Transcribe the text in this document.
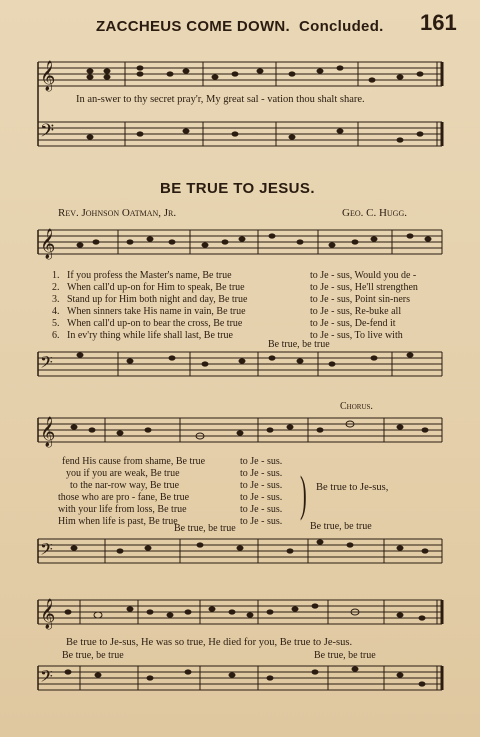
ZACCHEUS COME DOWN. Concluded. 161
𝄞
𝄢
In an-swer to thy secret pray'r, My great sal - vation thou shalt share.
BE TRUE TO JESUS.
Rev. Johnson Oatman, Jr.	Geo. C. Hugg.
𝄞
1. If you profess the Master's name, Be true	to Je - sus, Would you de -
2. When call'd up-on for Him to speak, Be true	to Je - sus, He'll strengthen
3. Stand up for Him both night and day, Be true	to Je - sus, Point sin-ners
4. When sinners take His name in vain, Be true	to Je - sus, Re-buke all
5. When call'd up-on to bear the cross, Be true	to Je - sus, De-fend it
6. In ev'ry thing while life shall last, Be true	to Je - sus, To live with
Be true, be true
𝄢
Chorus.
𝄞
fend His cause from shame, Be true	to Je - sus.
you if you are weak, Be true	to Je - sus.
to the nar-row way, Be true	to Je - sus.
those who are pro - fane, Be true	to Je - sus.
with your life from loss, Be true	to Je - sus.
Him when life is past, Be true	to Je - sus.
) Be true to Je-sus,
Be true, be true	Be true, be true
𝄢
𝄞
Be true to Je-sus, He was so true, He died for you, Be true to Je-sus.
Be true, be true	Be true, be true
𝄢
